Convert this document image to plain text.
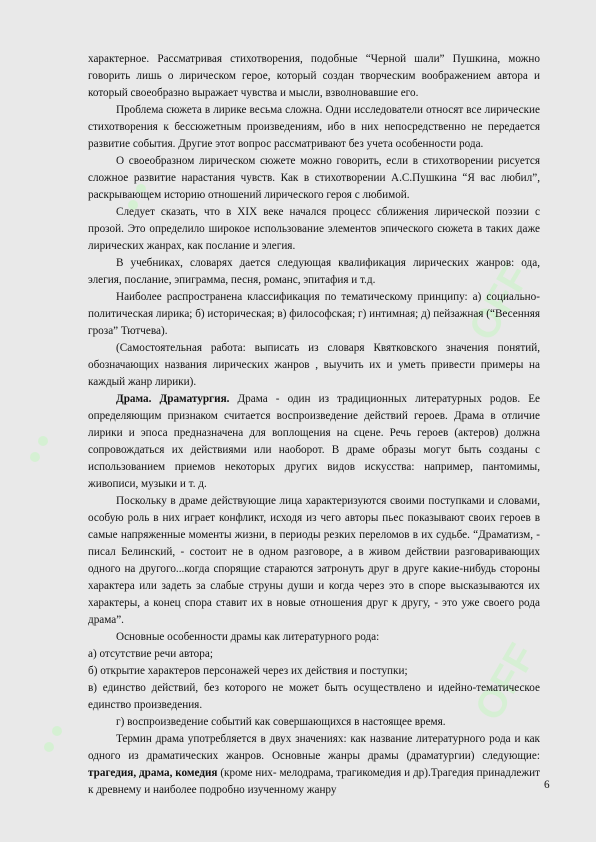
OFF
OFF

характерное. Рассматривая стихотворения, подобные “Черной шали” Пушкина, можно говорить лишь о лирическом герое, который создан творческим воображением автора и который своеобразно выражает чувства и мысли, взволновавшие его.

Проблема сюжета в лирике весьма сложна. Одни исследователи относят все лирические стихотворения к бессюжетным произведениям, ибо в них непосредственно не передается развитие события. Другие этот вопрос рассматривают без учета особенности рода.

О своеобразном лирическом сюжете можно говорить, если в стихотворении рисуется сложное развитие нарастания чувств. Как в стихотворении А.С.Пушкина “Я вас любил”, раскрывающем историю отношений лирического героя с любимой.

Следует сказать, что в XIX веке начался процесс сближения лирической поэзии с прозой. Это определило широкое использование элементов эпического сюжета в таких даже лирических жанрах, как послание и элегия.

В учебниках, словарях дается следующая квалификация лирических жанров: ода, элегия, послание, эпиграмма, песня, романс, эпитафия и т.д.

Наиболее распространена классификация по тематическому принципу: а) социально-политическая лирика; б) историческая; в) философская; г) интимная; д) пейзажная (“Весенняя гроза” Тютчева).

(Самостоятельная работа: выписать из словаря Квятковского значения понятий, обозначающих названия лирических жанров , выучить их и уметь привести примеры на каждый жанр лирики).

Драма. Драматургия. Драма - один из традиционных литературных родов. Ее определяющим признаком считается воспроизведение действий героев. Драма в отличие лирики и эпоса предназначена для воплощения на сцене. Речь героев (актеров) должна сопровождаться их действиями или наоборот. В драме образы могут быть созданы с использованием приемов некоторых других видов искусства: например, пантомимы, живописи, музыки и т. д.

Поскольку в драме действующие лица характеризуются своими поступками и словами, особую роль в них играет конфликт, исходя из чего авторы пьес показывают своих героев в самые напряженные моменты жизни, в периоды резких переломов в их судьбе. “Драматизм, - писал Белинский, - состоит не в одном разговоре, а в живом действии разговаривающих одного на другого...когда спорящие стараются затронуть друг в друге какие-нибудь стороны характера или задеть за слабые струны души и когда через это в споре высказываются их характеры, а конец спора ставит их в новые отношения друг к другу, - это уже своего рода драма”.

Основные особенности драмы как литературного рода:

а) отсутствие речи автора;

б) открытие характеров персонажей через их действия и поступки;

в) единство действий, без которого не может быть осуществлено и идейно-тематическое единство произведения.

г) воспроизведение событий как совершающихся в настоящее время.

Термин драма употребляется в двух значениях: как название литературного рода и как одного из драматических жанров. Основные жанры драмы (драматургии) следующие: трагедия, драма, комедия (кроме них- мелодрама, трагикомедия и др).Трагедия принадлежит к древнему и наиболее подробно изученному жанру	6
